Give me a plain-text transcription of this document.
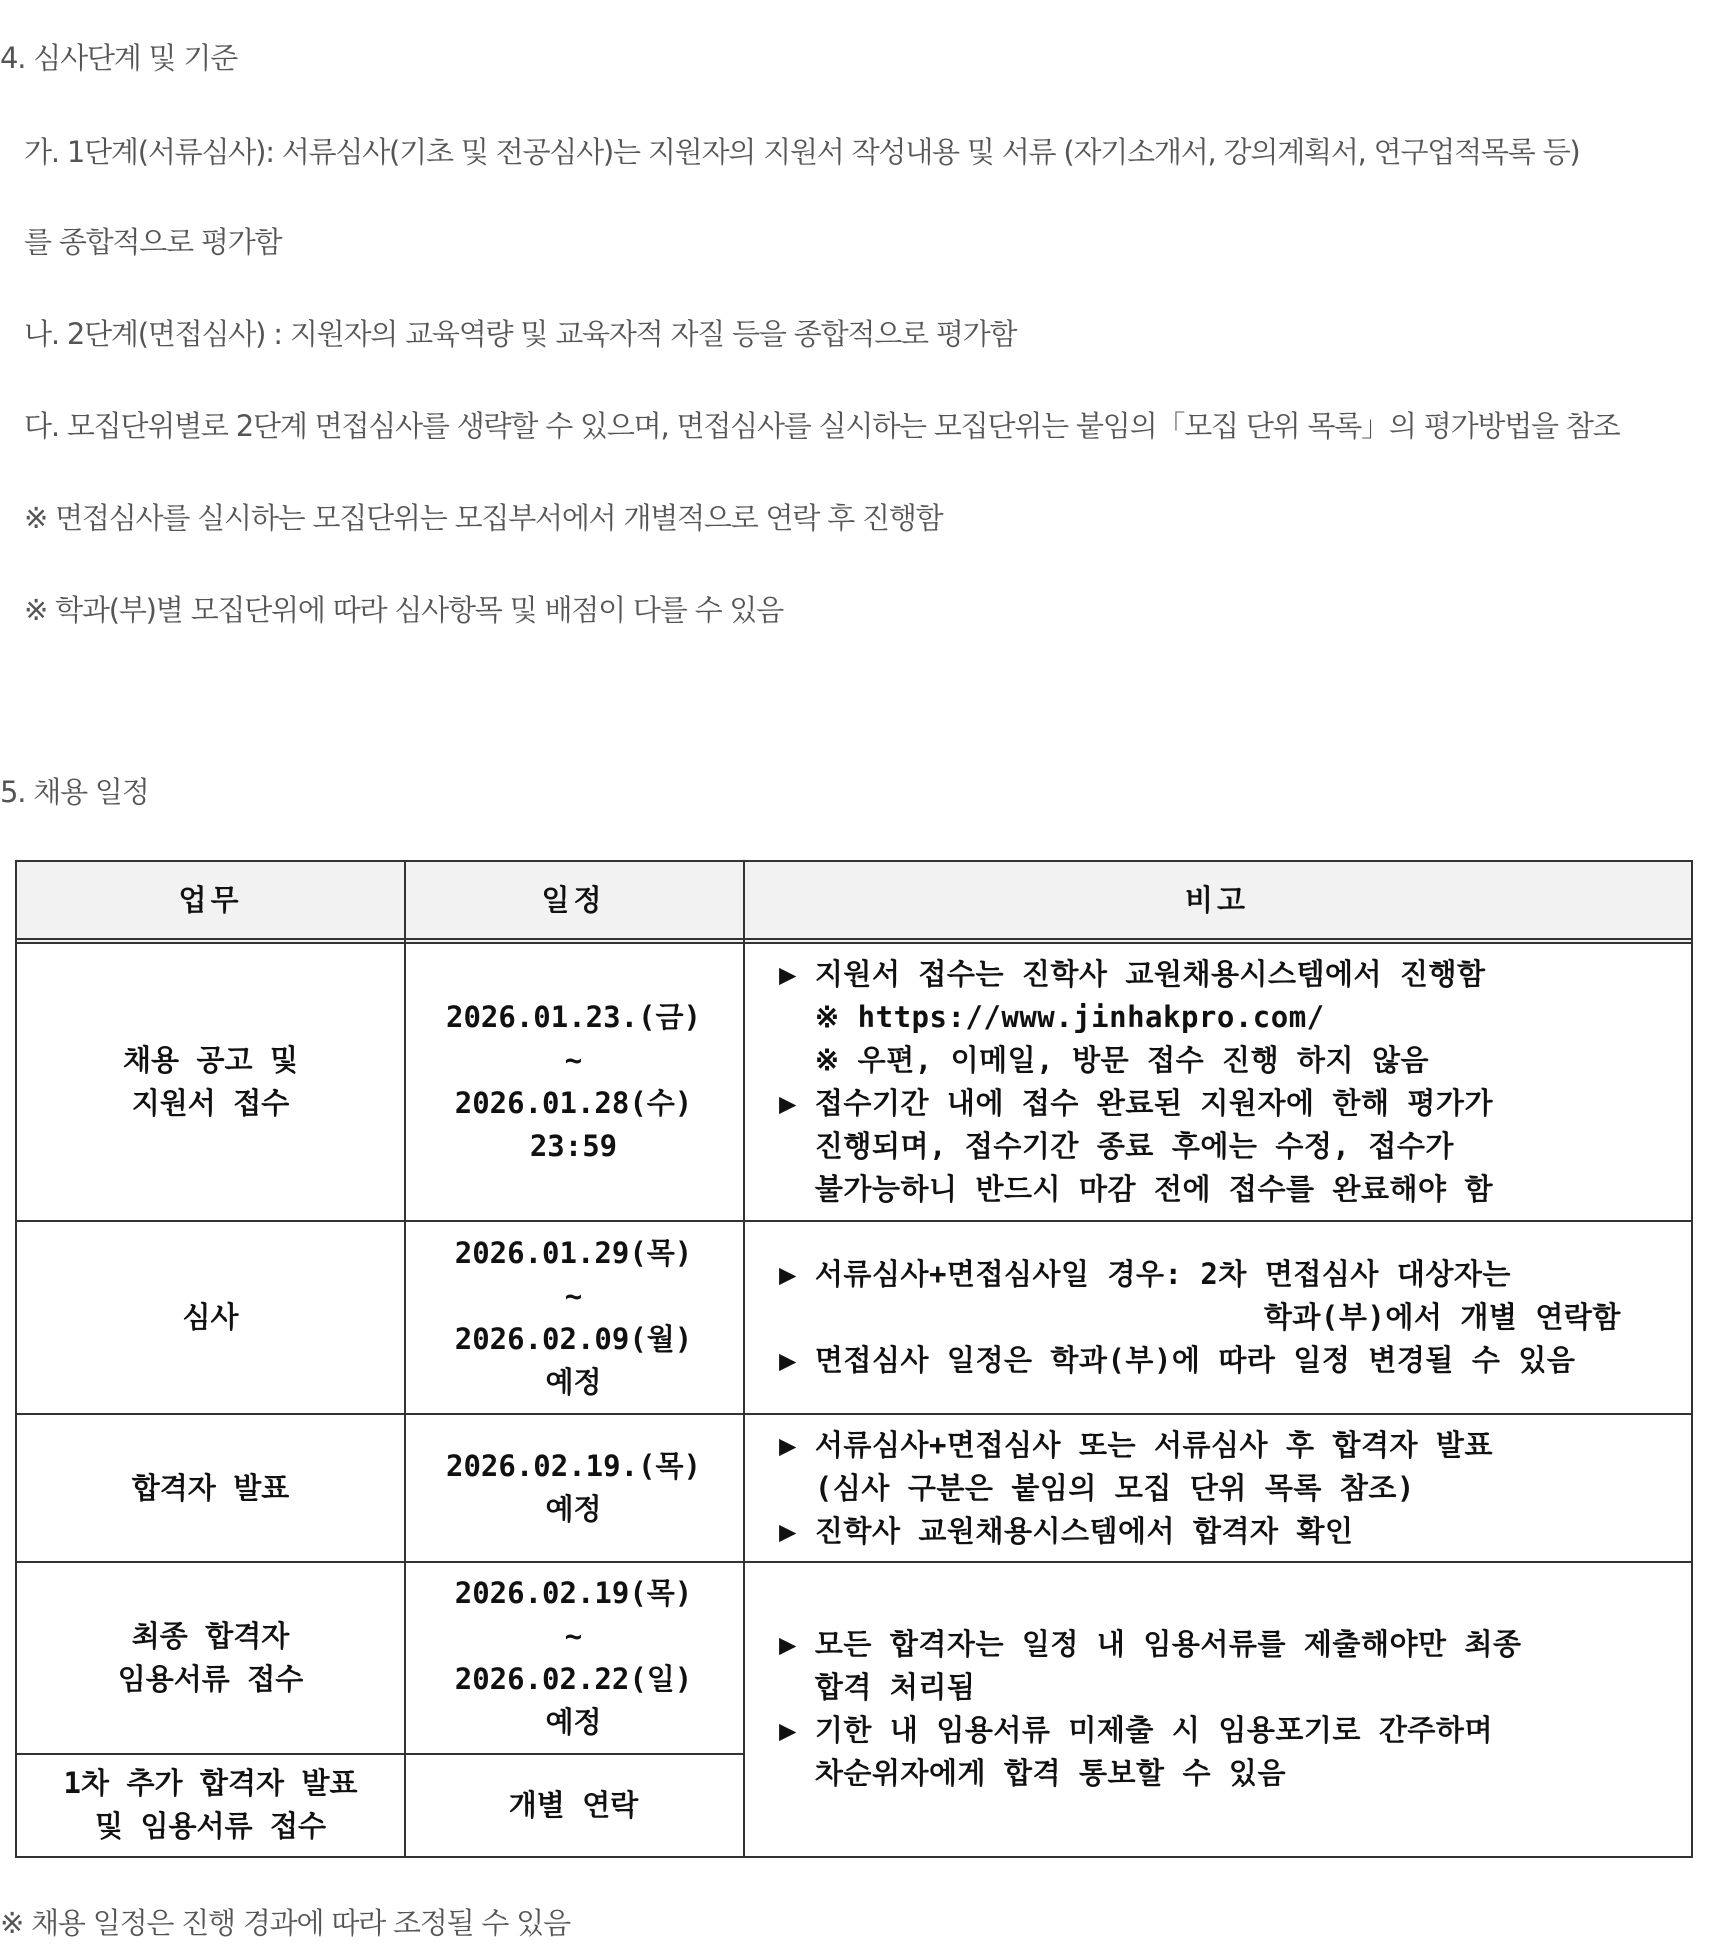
4. 심사단계 및 기준
가. 1단계(서류심사): 서류심사(기초 및 전공심사)는 지원자의 지원서 작성내용 및 서류 (자기소개서, 강의계획서, 연구업적목록 등)
를 종합적으로 평가함
나. 2단계(면접심사) : 지원자의 교육역량 및 교육자적 자질 등을 종합적으로 평가함
다. 모집단위별로 2단계 면접심사를 생략할 수 있으며, 면접심사를 실시하는 모집단위는 붙임의「모집 단위 목록」의 평가방법을 참조
※ 면접심사를 실시하는 모집단위는 모집부서에서 개별적으로 연락 후 진행함
※ 학과(부)별 모집단위에 따라 심사항목 및 배점이 다를 수 있음
5. 채용 일정
업무	일정	비고
채용 공고 및
지원서 접수
2026.01.23.(금)
~
2026.01.28(수)
23:59
▶ 지원서 접수는 진학사 교원채용시스템에서 진행함
※ https://www.jinhakpro.com/
※ 우편, 이메일, 방문 접수 진행 하지 않음
▶ 접수기간 내에 접수 완료된 지원자에 한해 평가가
진행되며, 접수기간 종료 후에는 수정, 접수가
불가능하니 반드시 마감 전에 접수를 완료해야 함
심사
2026.01.29(목)
~
2026.02.09(월)
예정
▶ 서류심사+면접심사일 경우: 2차 면접심사 대상자는
학과(부)에서 개별 연락함
▶ 면접심사 일정은 학과(부)에 따라 일정 변경될 수 있음
합격자 발표
2026.02.19.(목)
예정
▶ 서류심사+면접심사 또는 서류심사 후 합격자 발표
(심사 구분은 붙임의 모집 단위 목록 참조)
▶ 진학사 교원채용시스템에서 합격자 확인
최종 합격자
임용서류 접수
2026.02.19(목)
~
2026.02.22(일)
예정
▶ 모든 합격자는 일정 내 임용서류를 제출해야만 최종
합격 처리됨
▶ 기한 내 임용서류 미제출 시 임용포기로 간주하며
차순위자에게 합격 통보할 수 있음
1차 추가 합격자 발표
및 임용서류 접수
개별 연락
※ 채용 일정은 진행 경과에 따라 조정될 수 있음
